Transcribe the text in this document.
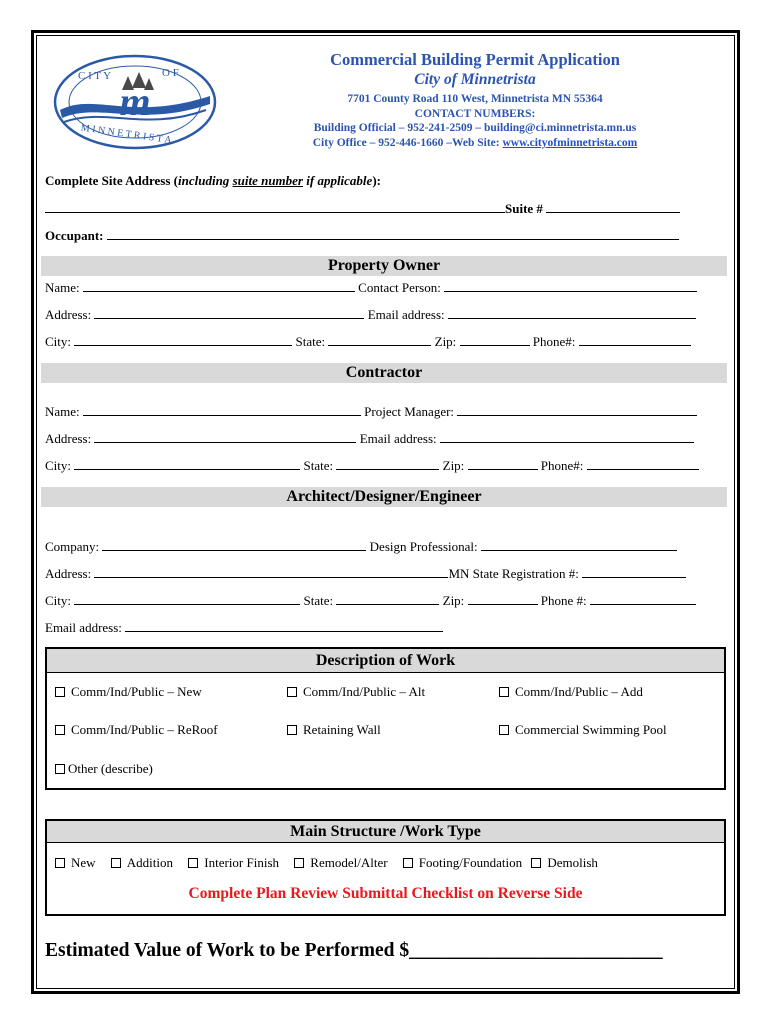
m
C I T Y	O F
M I N N E T R I S T A
Commercial Building Permit Application
City of Minnetrista
7701 County Road 110 West, Minnetrista MN 55364
CONTACT NUMBERS:
Building Official – 952-241-2509 – building@ci.minnetrista.mn.us
City Office – 952-446-1660 –Web Site: www.cityofminnetrista.com
Complete Site Address (including suite number if applicable):
Suite #
Occupant:
Property Owner
Name:	Contact Person:
Address:	Email address:
City:	State:	Zip:	Phone#:
Contractor
Name:	Project Manager:
Address:	Email address:
City:	State:	Zip:	Phone#:
Architect/Designer/Engineer
Company:	Design Professional:
Address:	MN State Registration #:
City:	State:	Zip:	Phone #:
Email address:
Description of Work
Comm/Ind/Public – New	Comm/Ind/Public – Alt	Comm/Ind/Public – Add
Comm/Ind/Public – ReRoof	Retaining Wall	Commercial Swimming Pool
Other (describe)
Main Structure /Work Type
New Addition Interior Finish Remodel/Alter Footing/Foundation Demolish
Complete Plan Review Submittal Checklist on Reverse Side
Estimated Value of Work to be Performed $__________________________
